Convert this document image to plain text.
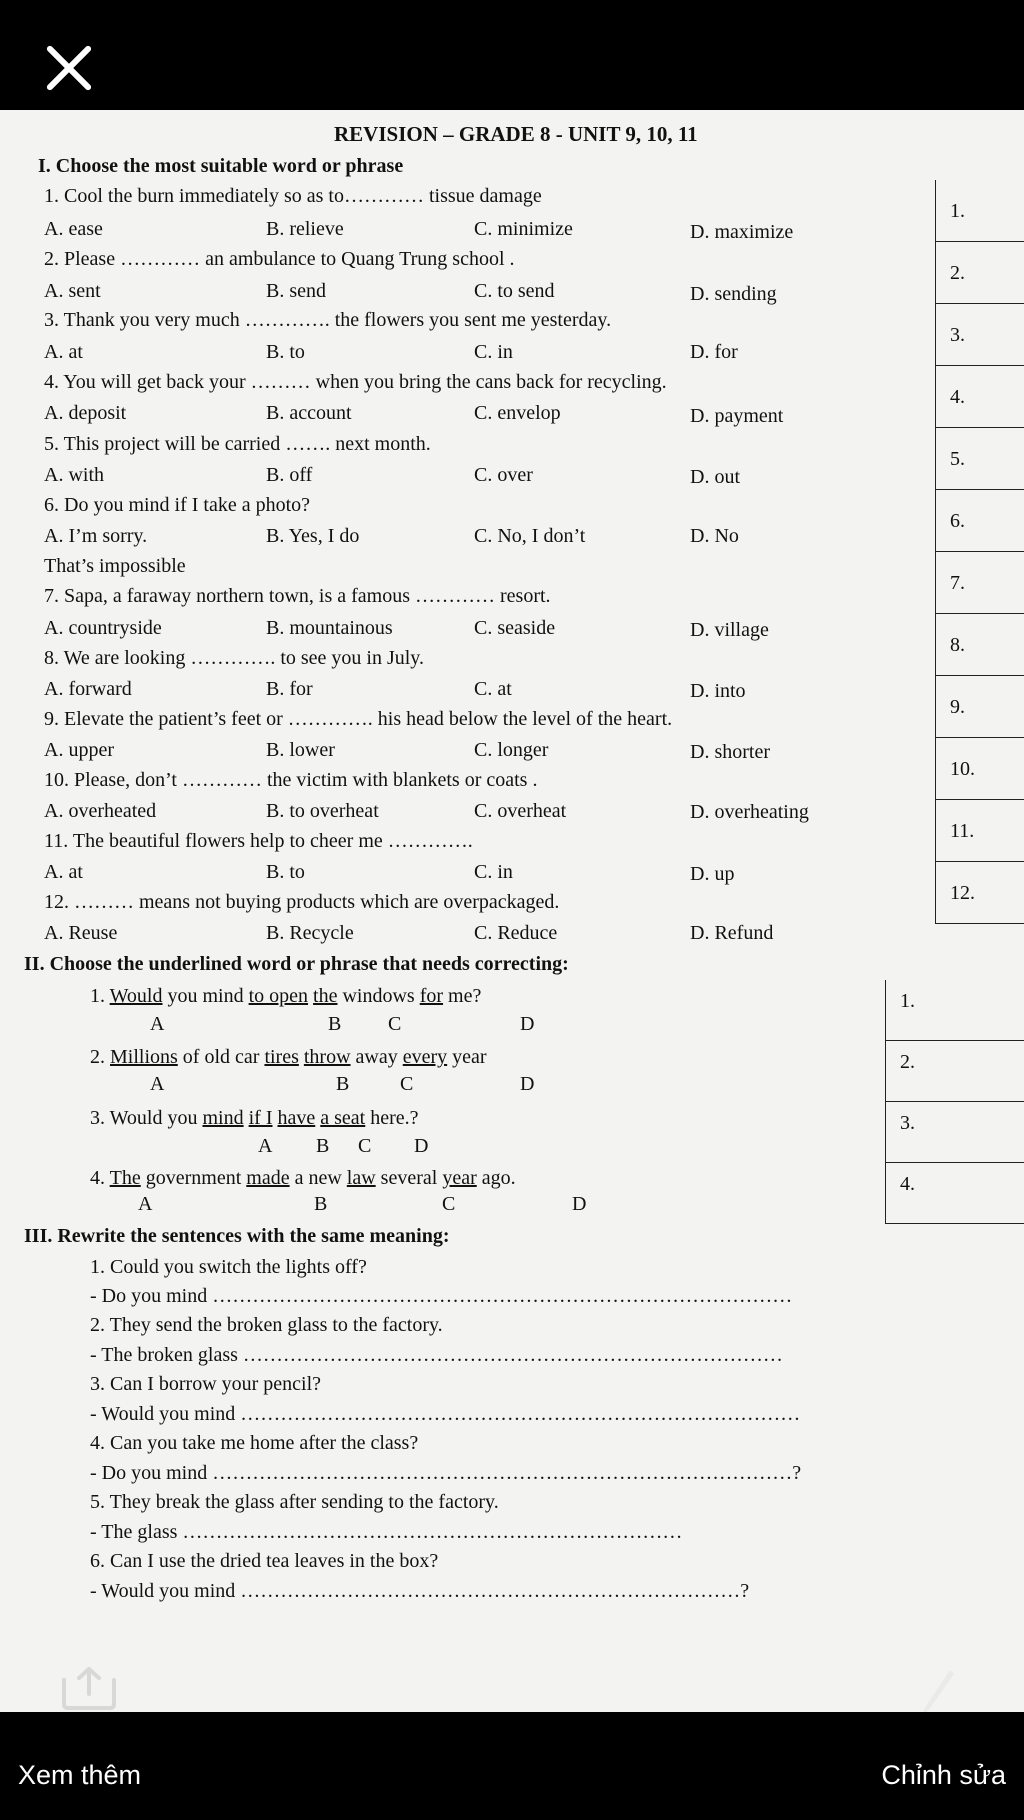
REVISION – GRADE 8 - UNIT 9, 10, 11
I. Choose the most suitable word or phrase
1.
2.
3.
4.
5.
6.
7.
8.
9.
10.
11.
12.
1. Cool the burn immediately so as to………… tissue damage
A. ease	B. relieve	C. minimize	D. maximize
2. Please ………… an ambulance to Quang Trung school .
A. sent	B. send	C. to send	D. sending
3. Thank you very much …………. the flowers you sent me yesterday.
A. at	B. to	C. in	D. for
4. You will get back your ……… when you bring the cans back for recycling.
A. deposit	B. account	C. envelop	D. payment
5. This project will be carried ……. next month.
A. with	B. off	C. over	D. out
6. Do you mind if I take a photo?
A. I’m sorry.	B. Yes, I do	C. No, I don’t	D. No
That’s impossible
7. Sapa, a faraway northern town, is a famous ………… resort.
A. countryside	B. mountainous	C. seaside	D. village
8. We are looking …………. to see you in July.
A. forward	B. for	C. at	D. into
9. Elevate the patient’s feet or …………. his head below the level of the heart.
A. upper	B. lower	C. longer	D. shorter
10. Please, don’t ………… the victim with blankets or coats .
A. overheated	B. to overheat	C. overheat	D. overheating
11. The beautiful flowers help to cheer me ………….
A. at	B. to	C. in	D. up
12. ……… means not buying products which are overpackaged.
A. Reuse	B. Recycle	C. Reduce	D. Refund
II. Choose the underlined word or phrase that needs correcting:
1.
2.
3.
4.
1. Would you mind to open the windows for me?
A	B C	D
2. Millions of old car tires throw away every year
A	B	C	D
3. Would you mind if I have a seat here.?
A B C D
4. The government made a new law several year ago.
A	B	C	D
III. Rewrite the sentences with the same meaning:
1. Could you switch the lights off?
- Do you mind ……………………………………………………………………………
2. They send the broken glass to the factory.
- The broken glass ………………………………………………………………………
3. Can I borrow your pencil?
- Would you mind …………………………………………………………………………
4. Can you take me home after the class?
- Do you mind ……………………………………………………………………………?
5. They break the glass after sending to the factory.
- The glass …………………………………………………………………
6. Can I use the dried tea leaves in the box?
- Would you mind …………………………………………………………………?
Xem thêm	Chỉnh sửa
